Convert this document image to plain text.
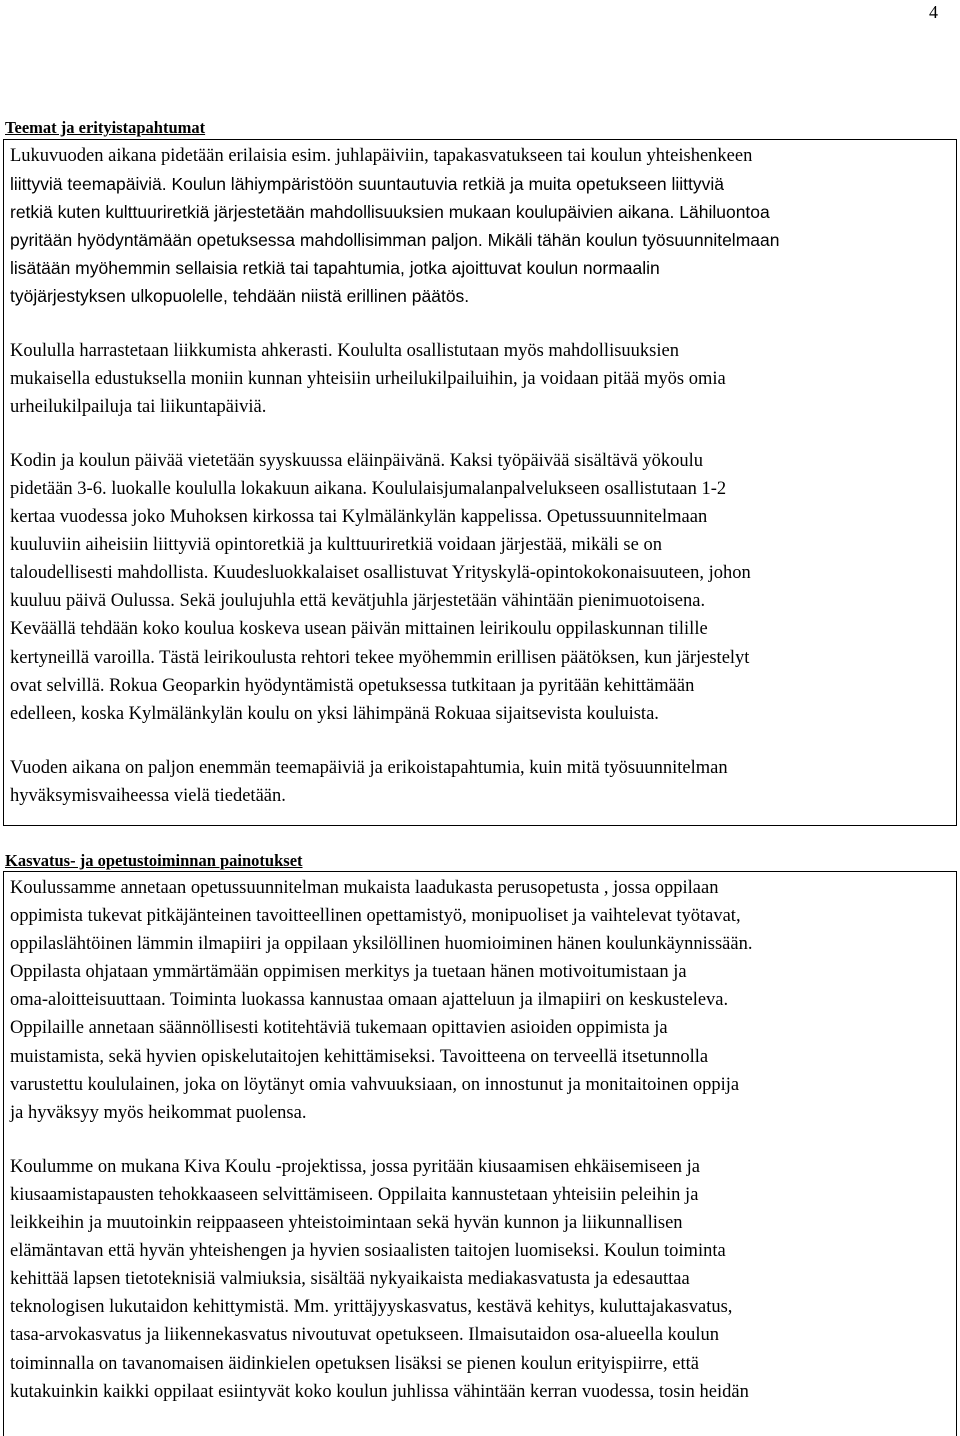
4
Teemat ja erityistapahtumat

Lukuvuoden aikana pidetään erilaisia esim. juhlapäiviin, tapakasvatukseen tai koulun yhteishenkeen
liittyviä teemapäiviä. Koulun lähiympäristöön suuntautuvia retkiä ja muita opetukseen liittyviä
retkiä kuten kulttuuriretkiä järjestetään mahdollisuuksien mukaan koulupäivien aikana. Lähiluontoa
pyritään hyödyntämään opetuksessa mahdollisimman paljon. Mikäli tähän koulun työsuunnitelmaan
lisätään myöhemmin sellaisia retkiä tai tapahtumia, jotka ajoittuvat koulun normaalin
työjärjestyksen ulkopuolelle, tehdään niistä erillinen päätös.

Koululla harrastetaan liikkumista ahkerasti. Koululta osallistutaan myös mahdollisuuksien
mukaisella edustuksella moniin kunnan yhteisiin urheilukilpailuihin, ja voidaan pitää myös omia
urheilukilpailuja tai liikuntapäiviä.

Kodin ja koulun päivää vietetään syyskuussa eläinpäivänä. Kaksi työpäivää sisältävä yökoulu
pidetään 3-6. luokalle koululla lokakuun aikana. Koululaisjumalanpalvelukseen osallistutaan 1-2
kertaa vuodessa joko Muhoksen kirkossa tai Kylmälänkylän kappelissa. Opetussuunnitelmaan
kuuluviin aiheisiin liittyviä opintoretkiä ja kulttuuriretkiä voidaan järjestää, mikäli se on
taloudellisesti mahdollista. Kuudesluokkalaiset osallistuvat Yrityskylä-opintokokonaisuuteen, johon
kuuluu päivä Oulussa. Sekä joulujuhla että kevätjuhla järjestetään vähintään pienimuotoisena.
Keväällä tehdään koko koulua koskeva usean päivän mittainen leirikoulu oppilaskunnan tilille
kertyneillä varoilla. Tästä leirikoulusta rehtori tekee myöhemmin erillisen päätöksen, kun järjestelyt
ovat selvillä. Rokua Geoparkin hyödyntämistä opetuksessa tutkitaan ja pyritään kehittämään
edelleen, koska Kylmälänkylän koulu on yksi lähimpänä Rokuaa sijaitsevista kouluista.

Vuoden aikana on paljon enemmän teemapäiviä ja erikoistapahtumia, kuin mitä työsuunnitelman
hyväksymisvaiheessa vielä tiedetään.

Kasvatus- ja opetustoiminnan painotukset

Koulussamme annetaan opetussuunnitelman mukaista laadukasta perusopetusta , jossa oppilaan
oppimista tukevat pitkäjänteinen tavoitteellinen opettamistyö, monipuoliset ja vaihtelevat työtavat,
oppilaslähtöinen lämmin ilmapiiri ja oppilaan yksilöllinen huomioiminen hänen koulunkäynnissään.
Oppilasta ohjataan ymmärtämään oppimisen merkitys ja tuetaan hänen motivoitumistaan ja
oma-aloitteisuuttaan. Toiminta luokassa kannustaa omaan ajatteluun ja ilmapiiri on keskusteleva.
Oppilaille annetaan säännöllisesti kotitehtäviä tukemaan opittavien asioiden oppimista ja
muistamista, sekä hyvien opiskelutaitojen kehittämiseksi. Tavoitteena on terveellä itsetunnolla
varustettu koululainen, joka on löytänyt omia vahvuuksiaan, on innostunut ja monitaitoinen oppija
ja hyväksyy myös heikommat puolensa.

Koulumme on mukana Kiva Koulu -projektissa, jossa pyritään kiusaamisen ehkäisemiseen ja
kiusaamistapausten tehokkaaseen selvittämiseen. Oppilaita kannustetaan yhteisiin peleihin ja
leikkeihin ja muutoinkin reippaaseen yhteistoimintaan sekä hyvän kunnon ja liikunnallisen
elämäntavan että hyvän yhteishengen ja hyvien sosiaalisten taitojen luomiseksi. Koulun toiminta
kehittää lapsen tietoteknisiä valmiuksia, sisältää nykyaikaista mediakasvatusta ja edesauttaa
teknologisen lukutaidon kehittymistä. Mm. yrittäjyyskasvatus, kestävä kehitys, kuluttajakasvatus,
tasa-arvokasvatus ja liikennekasvatus nivoutuvat opetukseen. Ilmaisutaidon osa-alueella koulun
toiminnalla on tavanomaisen äidinkielen opetuksen lisäksi se pienen koulun erityispiirre, että
kutakuinkin kaikki oppilaat esiintyvät koko koulun juhlissa vähintään kerran vuodessa, tosin heidän
